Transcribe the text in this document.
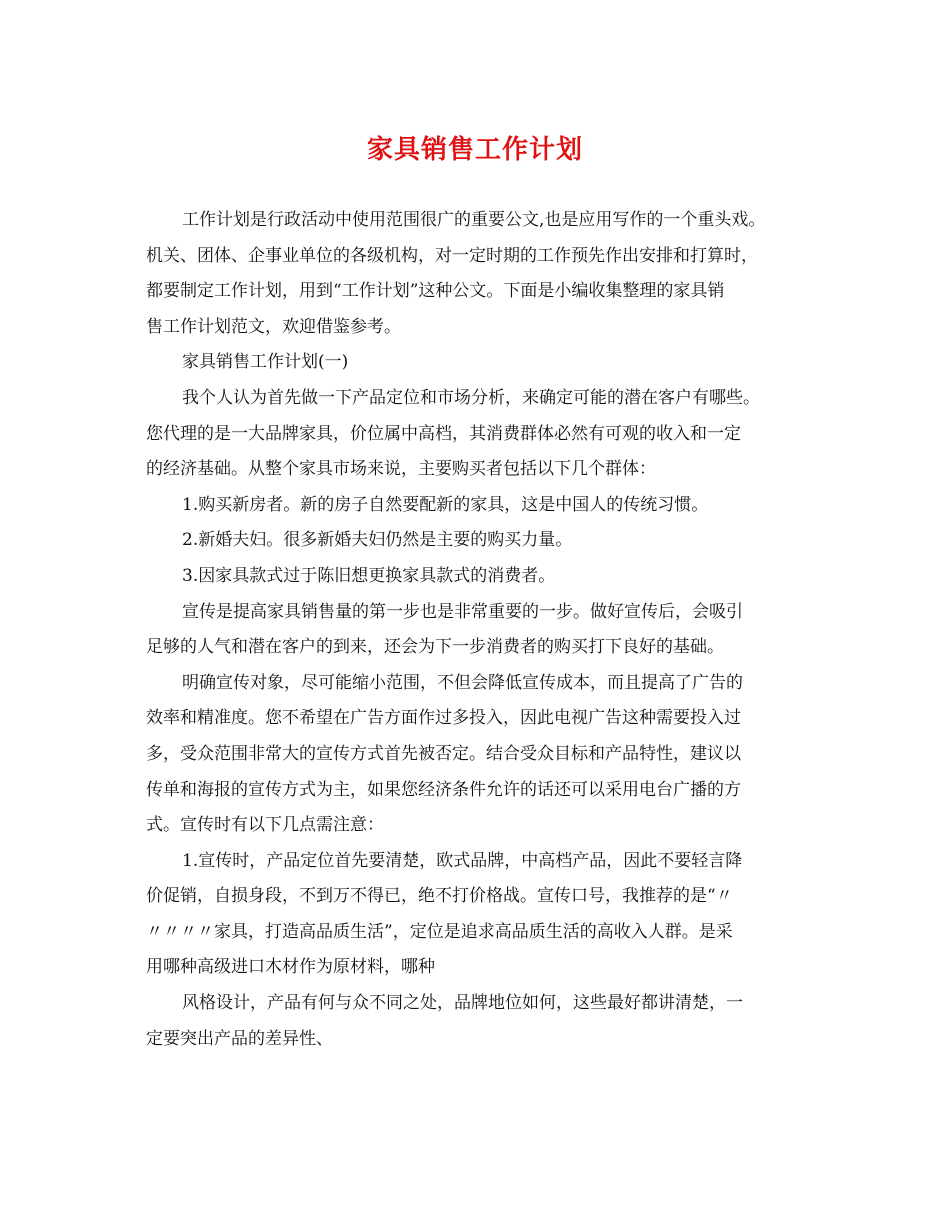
家具销售工作计划
工作计划是行政活动中使用范围很广的重要公文,也是应用写作的一个重头戏。
机关、团体、企事业单位的各级机构，对一定时期的工作预先作出安排和打算时，
都要制定工作计划，用到“工作计划”这种公文。下面是小编收集整理的家具销
售工作计划范文，欢迎借鉴参考。
家具销售工作计划(一)
我个人认为首先做一下产品定位和市场分析，来确定可能的潜在客户有哪些。
您代理的是一大品牌家具，价位属中高档，其消费群体必然有可观的收入和一定
的经济基础。从整个家具市场来说，主要购买者包括以下几个群体：
1.购买新房者。新的房子自然要配新的家具，这是中国人的传统习惯。
2.新婚夫妇。很多新婚夫妇仍然是主要的购买力量。
3.因家具款式过于陈旧想更换家具款式的消费者。
宣传是提高家具销售量的第一步也是非常重要的一步。做好宣传后，会吸引
足够的人气和潜在客户的到来，还会为下一步消费者的购买打下良好的基础。
明确宣传对象，尽可能缩小范围，不但会降低宣传成本，而且提高了广告的
效率和精准度。您不希望在广告方面作过多投入，因此电视广告这种需要投入过
多，受众范围非常大的宣传方式首先被否定。结合受众目标和产品特性，建议以
传单和海报的宣传方式为主，如果您经济条件允许的话还可以采用电台广播的方
式。宣传时有以下几点需注意：
1.宣传时，产品定位首先要清楚，欧式品牌，中高档产品，因此不要轻言降
价促销，自损身段，不到万不得已，绝不打价格战。宣传口号，我推荐的是“〃
〃〃〃〃家具，打造高品质生活”，定位是追求高品质生活的高收入人群。是采
用哪种高级进口木材作为原材料，哪种
风格设计，产品有何与众不同之处，品牌地位如何，这些最好都讲清楚，一
定要突出产品的差异性、
